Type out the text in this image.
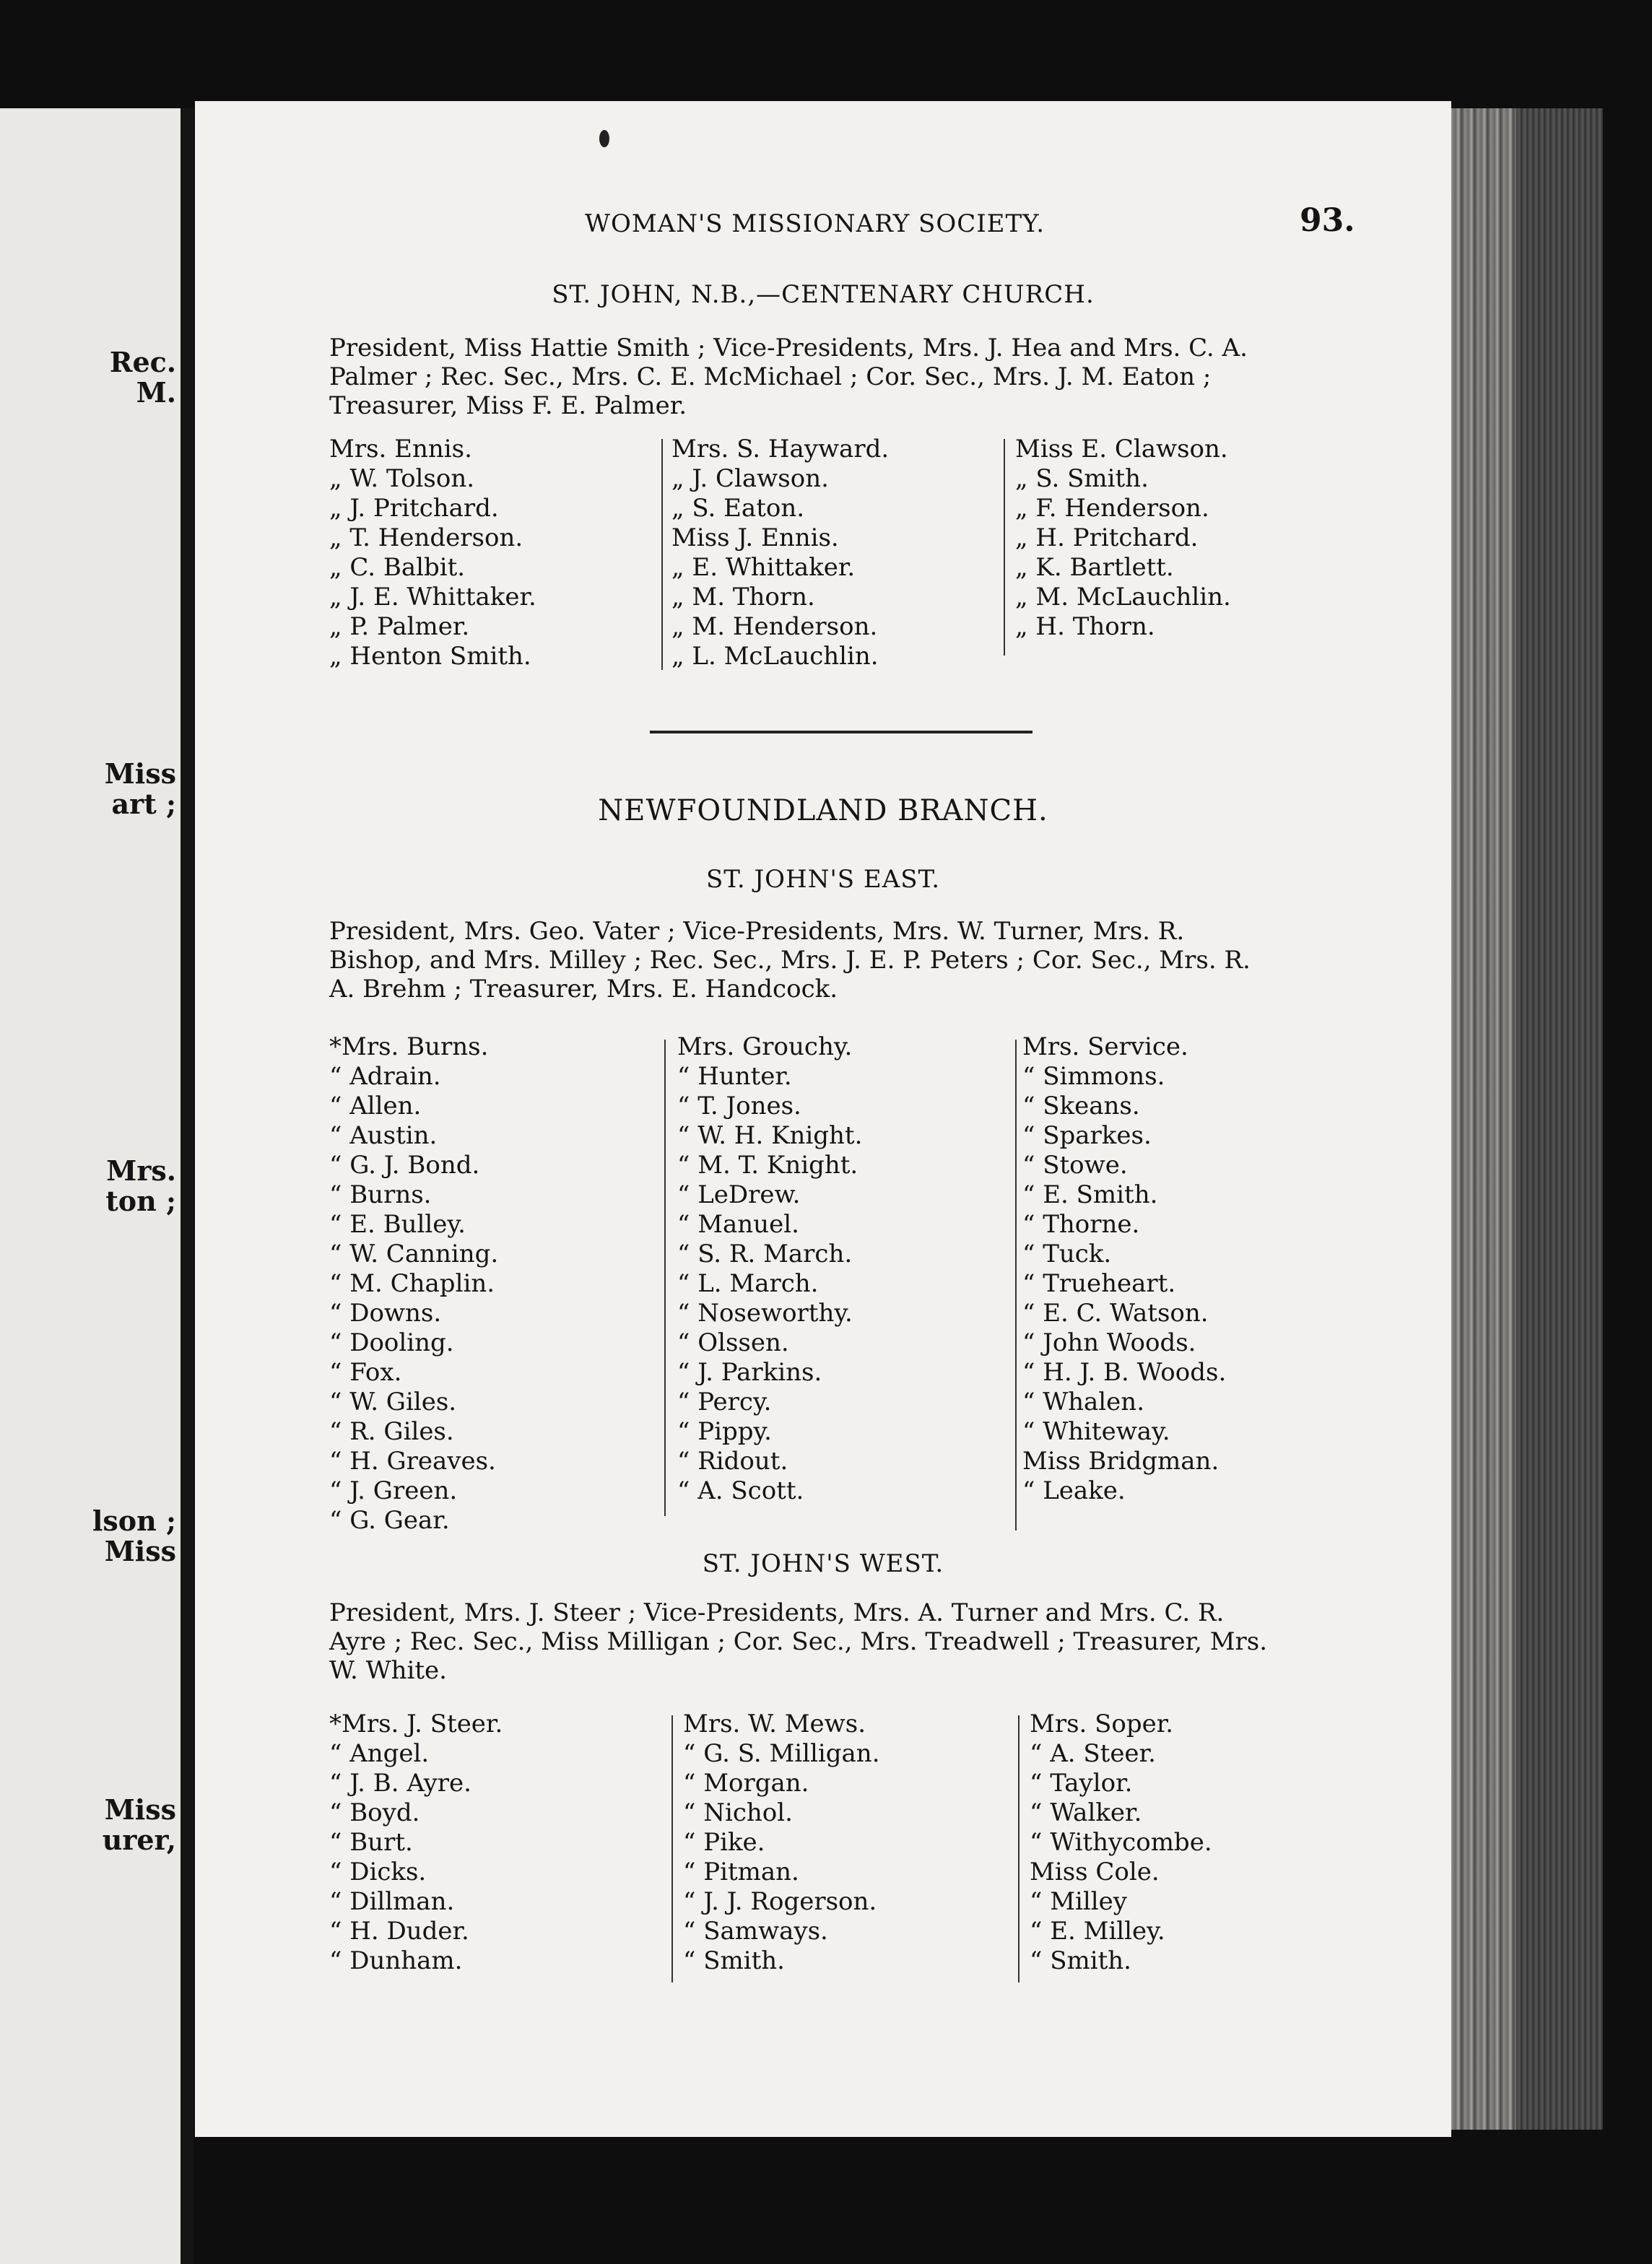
Rec.
M.
Miss
art ;
Mrs.
ton ;
lson ;
Miss
Miss
urer,
WOMAN'S MISSIONARY SOCIETY.	93.
ST. JOHN, N.B.,—CENTENARY CHURCH.
President, Miss Hattie Smith ; Vice-Presidents, Mrs. J. Hea and Mrs. C. A.
Palmer ; Rec. Sec., Mrs. C. E. McMichael ; Cor. Sec., Mrs. J. M. Eaton ;
Treasurer, Miss F. E. Palmer.
Mrs. Ennis.
„ W. Tolson.
„ J. Pritchard.
„ T. Henderson.
„ C. Balbit.
„ J. E. Whittaker.
„ P. Palmer.
„ Henton Smith.
Mrs. S. Hayward.
„ J. Clawson.
„ S. Eaton.
Miss J. Ennis.
„ E. Whittaker.
„ M. Thorn.
„ M. Henderson.
„ L. McLauchlin.
Miss E. Clawson.
„ S. Smith.
„ F. Henderson.
„ H. Pritchard.
„ K. Bartlett.
„ M. McLauchlin.
„ H. Thorn.
NEWFOUNDLAND BRANCH.
ST. JOHN'S EAST.
President, Mrs. Geo. Vater ; Vice-Presidents, Mrs. W. Turner, Mrs. R.
Bishop, and Mrs. Milley ; Rec. Sec., Mrs. J. E. P. Peters ; Cor. Sec., Mrs. R.
A. Brehm ; Treasurer, Mrs. E. Handcock.
*Mrs. Burns.
“ Adrain.
“ Allen.
“ Austin.
“ G. J. Bond.
“ Burns.
“ E. Bulley.
“ W. Canning.
“ M. Chaplin.
“ Downs.
“ Dooling.
“ Fox.
“ W. Giles.
“ R. Giles.
“ H. Greaves.
“ J. Green.
“ G. Gear.
Mrs. Grouchy.
“ Hunter.
“ T. Jones.
“ W. H. Knight.
“ M. T. Knight.
“ LeDrew.
“ Manuel.
“ S. R. March.
“ L. March.
“ Noseworthy.
“ Olssen.
“ J. Parkins.
“ Percy.
“ Pippy.
“ Ridout.
“ A. Scott.
Mrs. Service.
“ Simmons.
“ Skeans.
“ Sparkes.
“ Stowe.
“ E. Smith.
“ Thorne.
“ Tuck.
“ Trueheart.
“ E. C. Watson.
“ John Woods.
“ H. J. B. Woods.
“ Whalen.
“ Whiteway.
Miss Bridgman.
“ Leake.
ST. JOHN'S WEST.
President, Mrs. J. Steer ; Vice-Presidents, Mrs. A. Turner and Mrs. C. R.
Ayre ; Rec. Sec., Miss Milligan ; Cor. Sec., Mrs. Treadwell ; Treasurer, Mrs.
W. White.
*Mrs. J. Steer.
“ Angel.
“ J. B. Ayre.
“ Boyd.
“ Burt.
“ Dicks.
“ Dillman.
“ H. Duder.
“ Dunham.
Mrs. W. Mews.
“ G. S. Milligan.
“ Morgan.
“ Nichol.
“ Pike.
“ Pitman.
“ J. J. Rogerson.
“ Samways.
“ Smith.
Mrs. Soper.
“ A. Steer.
“ Taylor.
“ Walker.
“ Withycombe.
Miss Cole.
“ Milley
“ E. Milley.
“ Smith.
